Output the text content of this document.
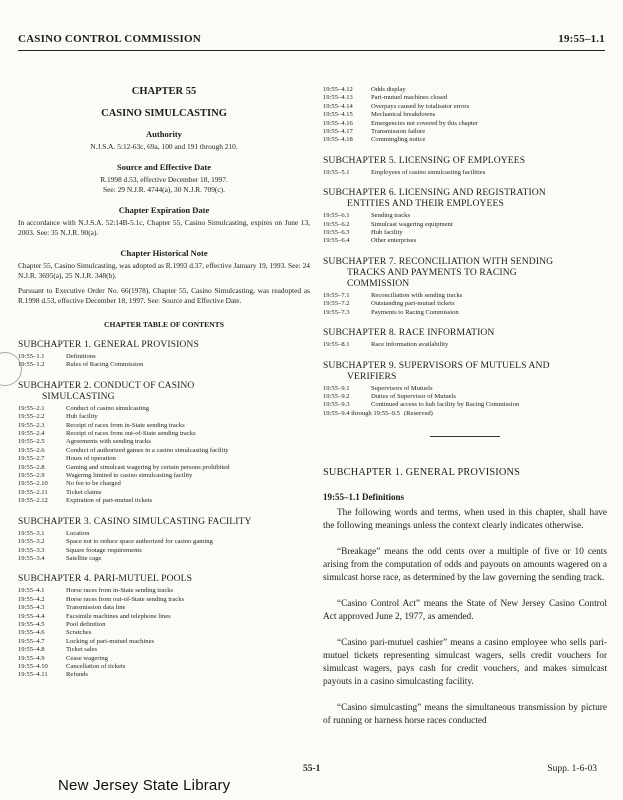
CASINO CONTROL COMMISSION	19:55–1.1
CHAPTER 55
CASINO SIMULCASTING
Authority
N.J.S.A. 5:12-63c, 69a, 100 and 191 through 210.
Source and Effective Date
R.1998 d.53, effective December 18, 1997.
See: 29 N.J.R. 4744(a), 30 N.J.R. 709(c).
Chapter Expiration Date
In accordance with N.J.S.A. 52:14B-5.1c, Chapter 55, Casino Simulcasting, expires on June 13, 2003. See: 35 N.J.R. 90(a).
Chapter Historical Note
Chapter 55, Casino Simulcasting, was adopted as R.1993 d.37, effective January 19, 1993. See: 24 N.J.R. 3695(a), 25 N.J.R. 348(b).
Pursuant to Executive Order No. 66(1978), Chapter 55, Casino Simulcasting, was readopted as R.1998 d.53, effective December 18, 1997. See: Source and Effective Date.
CHAPTER TABLE OF CONTENTS
SUBCHAPTER 1. GENERAL PROVISIONS
19:55–1.1	Definitions
19:55–1.2	Rules of Racing Commission
SUBCHAPTER 2. CONDUCT OF CASINO
SIMULCASTING
19:55–2.1	Conduct of casino simulcasting
19:55–2.2	Hub facility
19:55–2.3	Receipt of races from in-State sending tracks
19:55–2.4	Receipt of races from out-of-State sending tracks
19:55–2.5	Agreements with sending tracks
19:55–2.6	Conduct of authorized games in a casino simulcasting facility
19:55–2.7	Hours of operation
19:55–2.8	Gaming and simulcast wagering by certain persons prohibited
19:55–2.9	Wagering limited to casino simulcasting facility
19:55–2.10	No fee to be charged
19:55–2.11	Ticket claims
19:55–2.12	Expiration of pari-mutuel tickets
SUBCHAPTER 3. CASINO SIMULCASTING FACILITY
19:55–3.1	Location
19:55–3.2	Space not to reduce space authorized for casino gaming
19:55–3.3	Square footage requirements
19:55–3.4	Satellite cage
SUBCHAPTER 4. PARI-MUTUEL POOLS
19:55–4.1	Horse races from in-State sending tracks
19:55–4.2	Horse races from out-of-State sending tracks
19:55–4.3	Transmission data line
19:55–4.4	Facsimile machines and telephone lines
19:55–4.5	Pool definition
19:55–4.6	Scratches
19:55–4.7	Locking of pari-mutuel machines
19:55–4.8	Ticket sales
19:55–4.9	Cease wagering
19:55–4.10	Cancellation of tickets
19:55–4.11	Refunds
19:55–4.12	Odds display
19:55–4.13	Pari-mutuel machines closed
19:55–4.14	Overpays caused by totalisator errors
19:55–4.15	Mechanical breakdowns
19:55–4.16	Emergencies not covered by this chapter
19:55–4.17	Transmission failure
19:55–4.18	Commingling notice
SUBCHAPTER 5. LICENSING OF EMPLOYEES
19:55–5.1	Employees of casino simulcasting facilities
SUBCHAPTER 6. LICENSING AND REGISTRATION
ENTITIES AND THEIR EMPLOYEES
19:55–6.1	Sending tracks
19:55–6.2	Simulcast wagering equipment
19:55–6.3	Hub facility
19:55–6.4	Other enterprises
SUBCHAPTER 7. RECONCILIATION WITH SENDING
TRACKS AND PAYMENTS TO RACING
COMMISSION
19:55–7.1	Reconciliation with sending tracks
19:55–7.2	Outstanding pari-mutuel tickets
19:55–7.3	Payments to Racing Commission
SUBCHAPTER 8. RACE INFORMATION
19:55–8.1	Race information availability
SUBCHAPTER 9. SUPERVISORS OF MUTUELS AND
VERIFIERS
19:55–9.1	Supervisors of Mutuels
19:55–9.2	Duties of Supervisor of Mutuels
19:55–9.3	Continued access to hub facility by Racing Commission
19:55–9.4 through 19:55–9.5 (Reserved)
SUBCHAPTER 1. GENERAL PROVISIONS
19:55–1.1 Definitions
The following words and terms, when used in this chapter, shall have the following meanings unless the context clearly indicates otherwise.
“Breakage” means the odd cents over a multiple of five or 10 cents arising from the computation of odds and payouts on amounts wagered on a simulcast horse race, as determined by the law governing the sending track.
“Casino Control Act” means the State of New Jersey Casino Control Act approved June 2, 1977, as amended.
“Casino pari-mutuel cashier” means a casino employee who sells pari-mutuel tickets representing simulcast wagers, sells credit vouchers for simulcast wagers, pays cash for credit vouchers, and makes simulcast payouts in a casino simulcasting facility.
“Casino simulcasting” means the simultaneous transmission by picture of running or harness horse races conducted
55-1	Supp. 1-6-03
New Jersey State Library
